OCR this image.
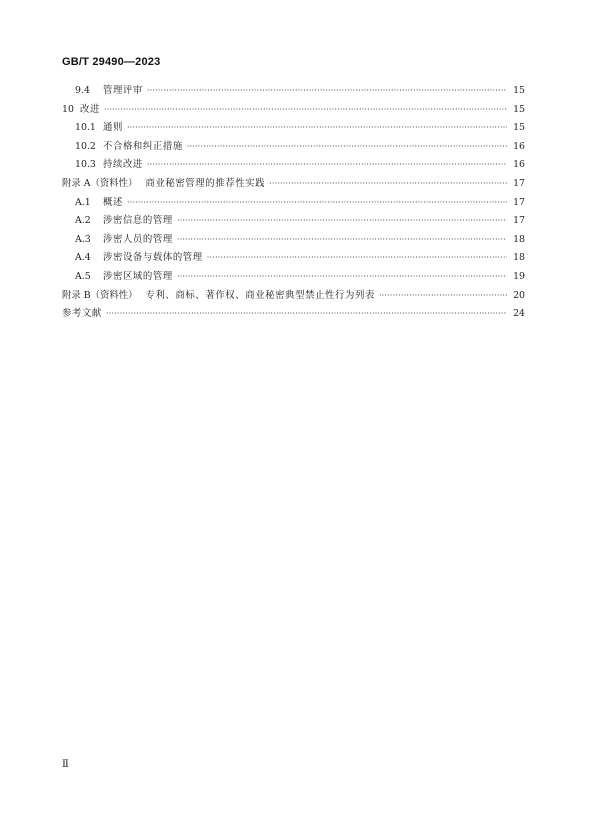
GB/T 29490—2023
9.4	管理评审 ·····	15
10 改进 ·····	15
10.1 通则 ·····	15
10.2 不合格和纠正措施 ·····	16
10.3 持续改进 ·····	16
附录 A（资料性） 商业秘密管理的推荐性实践 ·····	17
A.1	概述 ·····	17
A.2	涉密信息的管理 ·····	17
A.3	涉密人员的管理 ·····	18
A.4	涉密设备与载体的管理 ·····	18
A.5	涉密区域的管理 ·····	19
附录 B（资料性） 专利、商标、著作权、商业秘密典型禁止性行为列表 ·····	20
参考文献 ·····	24
Ⅱ
